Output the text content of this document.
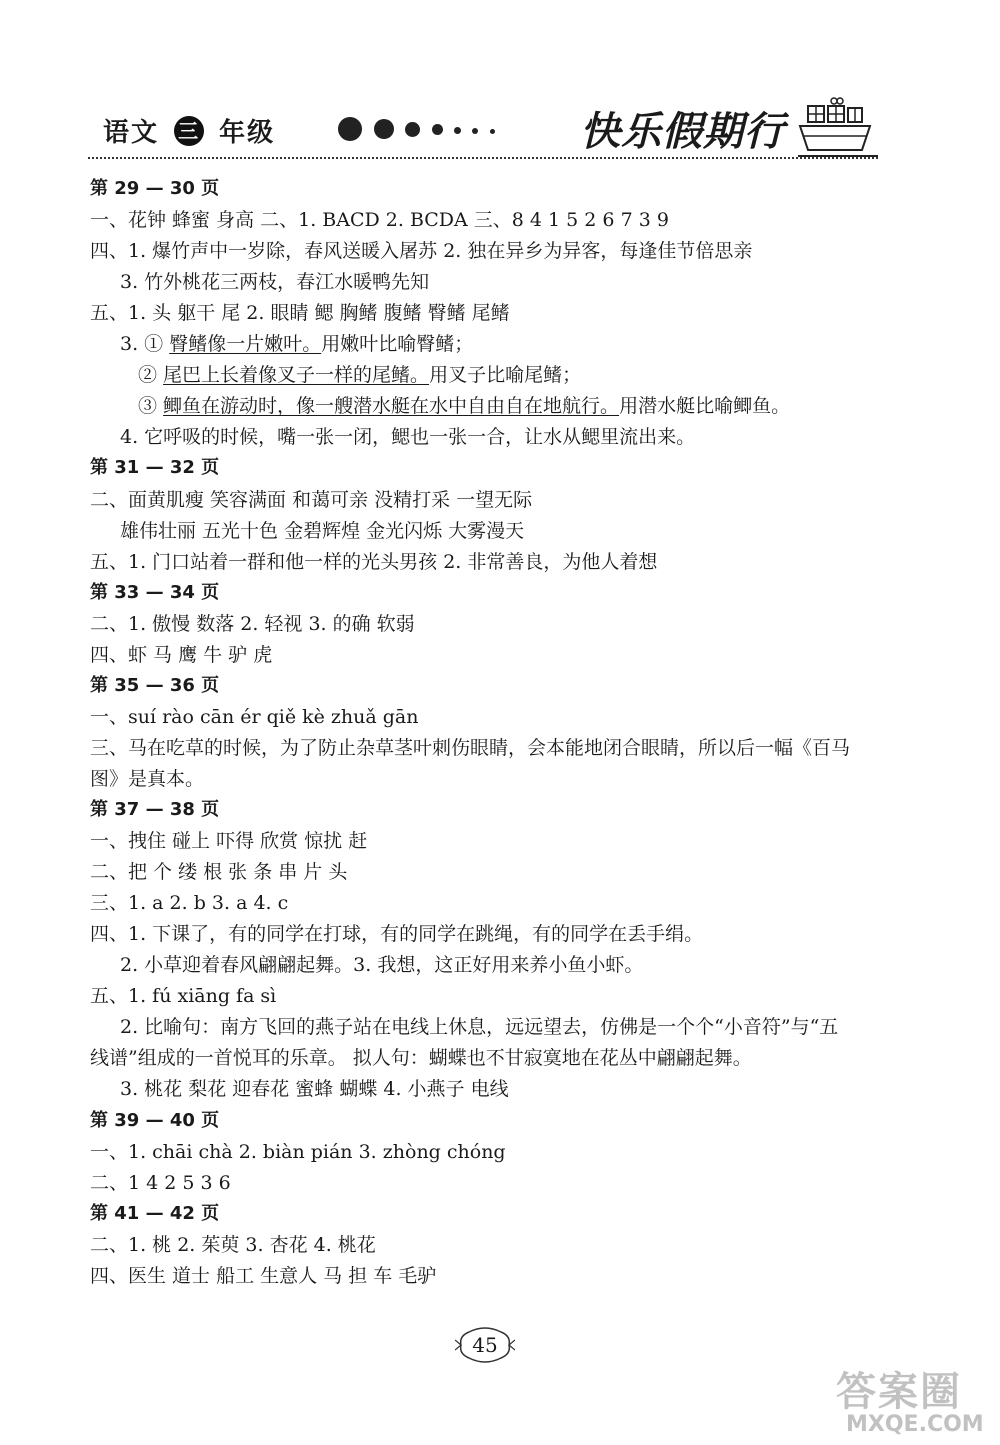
语文 三 年级	快乐假期行
第 29 — 30 页
一、花钟 蜂蜜 身高 二、1. BACD 2. BCDA 三、8 4 1 5 2 6 7 3 9
四、1. 爆竹声中一岁除，春风送暖入屠苏 2. 独在异乡为异客，每逢佳节倍思亲
3. 竹外桃花三两枝，春江水暖鸭先知
五、1. 头 躯干 尾 2. 眼睛 鳃 胸鳍 腹鳍 臀鳍 尾鳍
3. ① 臀鳍像一片嫩叶。用嫩叶比喻臀鳍；
② 尾巴上长着像叉子一样的尾鳍。用叉子比喻尾鳍；
③ 鲫鱼在游动时，像一艘潜水艇在水中自由自在地航行。用潜水艇比喻鲫鱼。
4. 它呼吸的时候，嘴一张一闭，鳃也一张一合，让水从鳃里流出来。
第 31 — 32 页
二、面黄肌瘦 笑容满面 和蔼可亲 没精打采 一望无际
雄伟壮丽 五光十色 金碧辉煌 金光闪烁 大雾漫天
五、1. 门口站着一群和他一样的光头男孩 2. 非常善良，为他人着想
第 33 — 34 页
二、1. 傲慢 数落 2. 轻视 3. 的确 软弱
四、虾 马 鹰 牛 驴 虎
第 35 — 36 页
一、suí rào cān ér qiě kè zhuǎ gān
三、马在吃草的时候，为了防止杂草茎叶刺伤眼睛，会本能地闭合眼睛，所以后一幅《百马
图》是真本。
第 37 — 38 页
一、拽住 碰上 吓得 欣赏 惊扰 赶
二、把 个 缕 根 张 条 串 片 头
三、1. a 2. b 3. a 4. c
四、1. 下课了，有的同学在打球，有的同学在跳绳，有的同学在丢手绢。
2. 小草迎着春风翩翩起舞。3. 我想，这正好用来养小鱼小虾。
五、1. fú xiāng fa sì
2. 比喻句：南方飞回的燕子站在电线上休息，远远望去，仿佛是一个个“小音符”与“五
线谱”组成的一首悦耳的乐章。 拟人句：蝴蝶也不甘寂寞地在花丛中翩翩起舞。
3. 桃花 梨花 迎春花 蜜蜂 蝴蝶 4. 小燕子 电线
第 39 — 40 页
一、1. chāi chà 2. biàn pián 3. zhòng chóng
二、1 4 2 5 3 6
第 41 — 42 页
二、1. 桃 2. 茱萸 3. 杏花 4. 桃花
四、医生 道士 船工 生意人 马 担 车 毛驴
45
答案圈
MXQE.COM
